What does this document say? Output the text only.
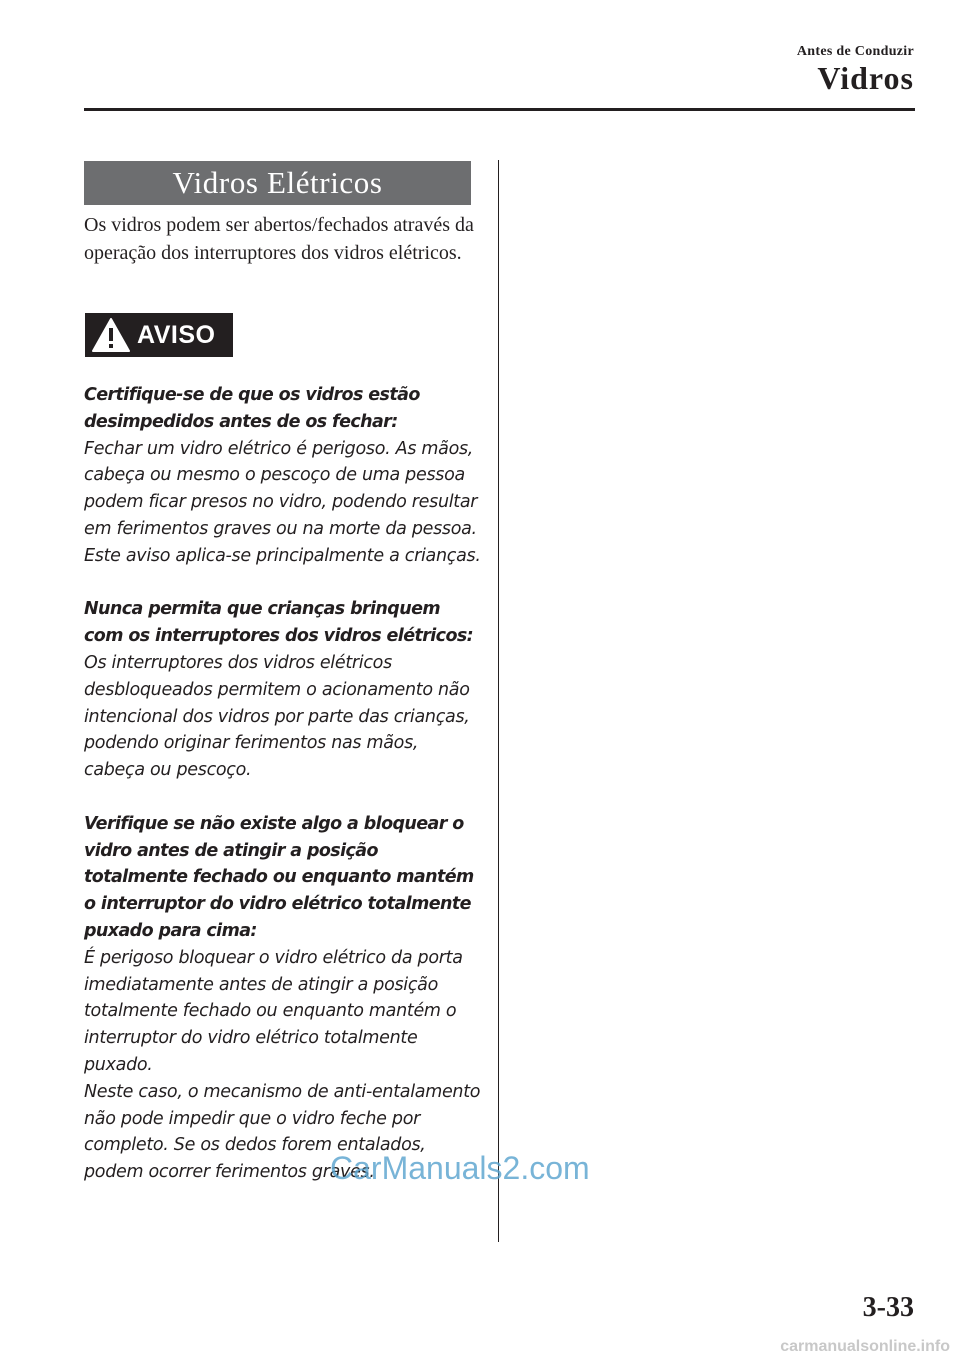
Antes de Conduzir
Vidros
Vidros Elétricos

Os vidros podem ser abertos/fechados através da operação dos interruptores dos vidros elétricos.

AVISO

Certifique-se de que os vidros estão desimpedidos antes de os fechar:
Fechar um vidro elétrico é perigoso. As mãos, cabeça ou mesmo o pescoço de uma pessoa podem ficar presos no vidro, podendo resultar em ferimentos graves ou na morte da pessoa. Este aviso aplica-se principalmente a crianças.

Nunca permita que crianças brinquem com os interruptores dos vidros elétricos:
Os interruptores dos vidros elétricos desbloqueados permitem o acionamento não intencional dos vidros por parte das crianças, podendo originar ferimentos nas mãos, cabeça ou pescoço.

Verifique se não existe algo a bloquear o vidro antes de atingir a posição totalmente fechado ou enquanto mantém o interruptor do vidro elétrico totalmente puxado para cima:
É perigoso bloquear o vidro elétrico da porta imediatamente antes de atingir a posição totalmente fechado ou enquanto mantém o interruptor do vidro elétrico totalmente puxado.
Neste caso, o mecanismo de anti-entalamento não pode impedir que o vidro feche por completo. Se os dedos forem entalados, podem ocorrer ferimentos graves.

CarManuals2.com
3-33
carmanualsonline.info
